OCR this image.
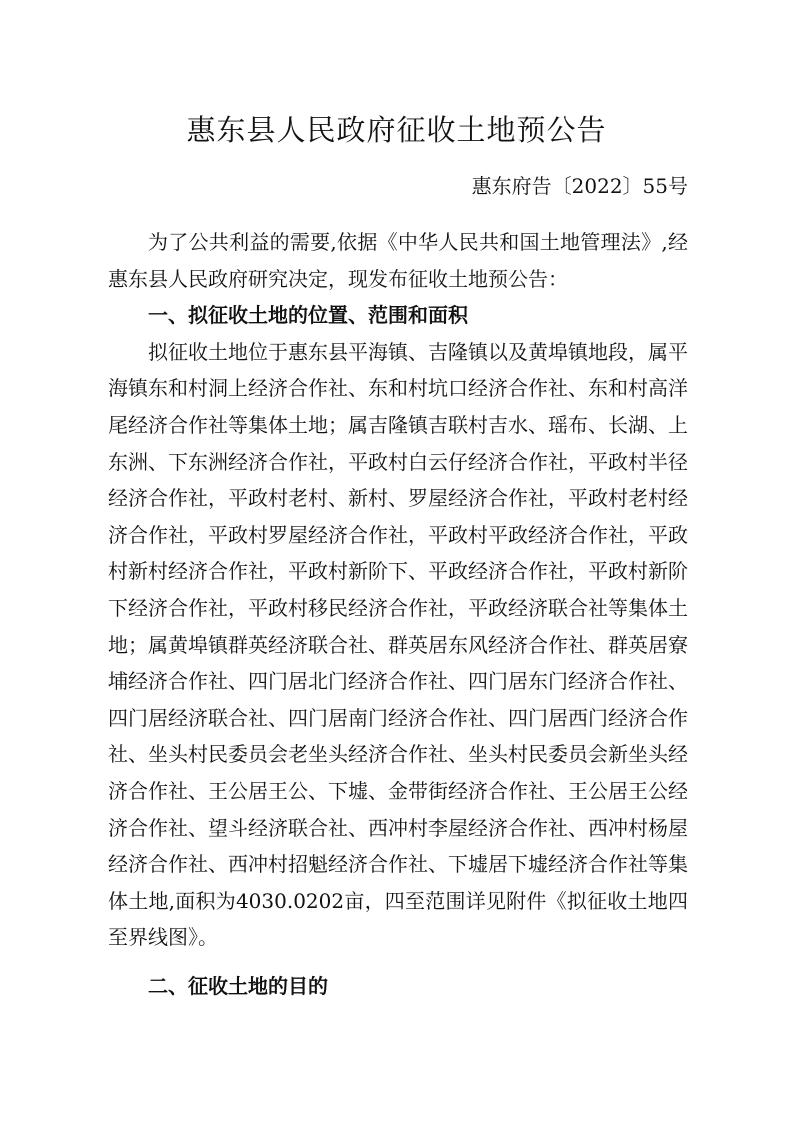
惠东县人民政府征收土地预公告

惠东府告〔2022〕55号

为了公共利益的需要,依据《中华人民共和国土地管理法》,经惠东县人民政府研究决定，现发布征收土地预公告：

一、拟征收土地的位置、范围和面积

拟征收土地位于惠东县平海镇、吉隆镇以及黄埠镇地段，属平海镇东和村洞上经济合作社、东和村坑口经济合作社、东和村高洋尾经济合作社等集体土地；属吉隆镇吉联村吉水、瑶布、长湖、上东洲、下东洲经济合作社，平政村白云仔经济合作社，平政村半径经济合作社，平政村老村、新村、罗屋经济合作社，平政村老村经济合作社，平政村罗屋经济合作社，平政村平政经济合作社，平政村新村经济合作社，平政村新阶下、平政经济合作社，平政村新阶下经济合作社，平政村移民经济合作社，平政经济联合社等集体土地；属黄埠镇群英经济联合社、群英居东风经济合作社、群英居寮埔经济合作社、四门居北门经济合作社、四门居东门经济合作社、四门居经济联合社、四门居南门经济合作社、四门居西门经济合作社、坐头村民委员会老坐头经济合作社、坐头村民委员会新坐头经济合作社、王公居王公、下墟、金带街经济合作社、王公居王公经济合作社、望斗经济联合社、西冲村李屋经济合作社、西冲村杨屋经济合作社、西冲村招魁经济合作社、下墟居下墟经济合作社等集体土地,面积为4030.0202亩，四至范围详见附件《拟征收土地四至界线图》。

二、征收土地的目的
